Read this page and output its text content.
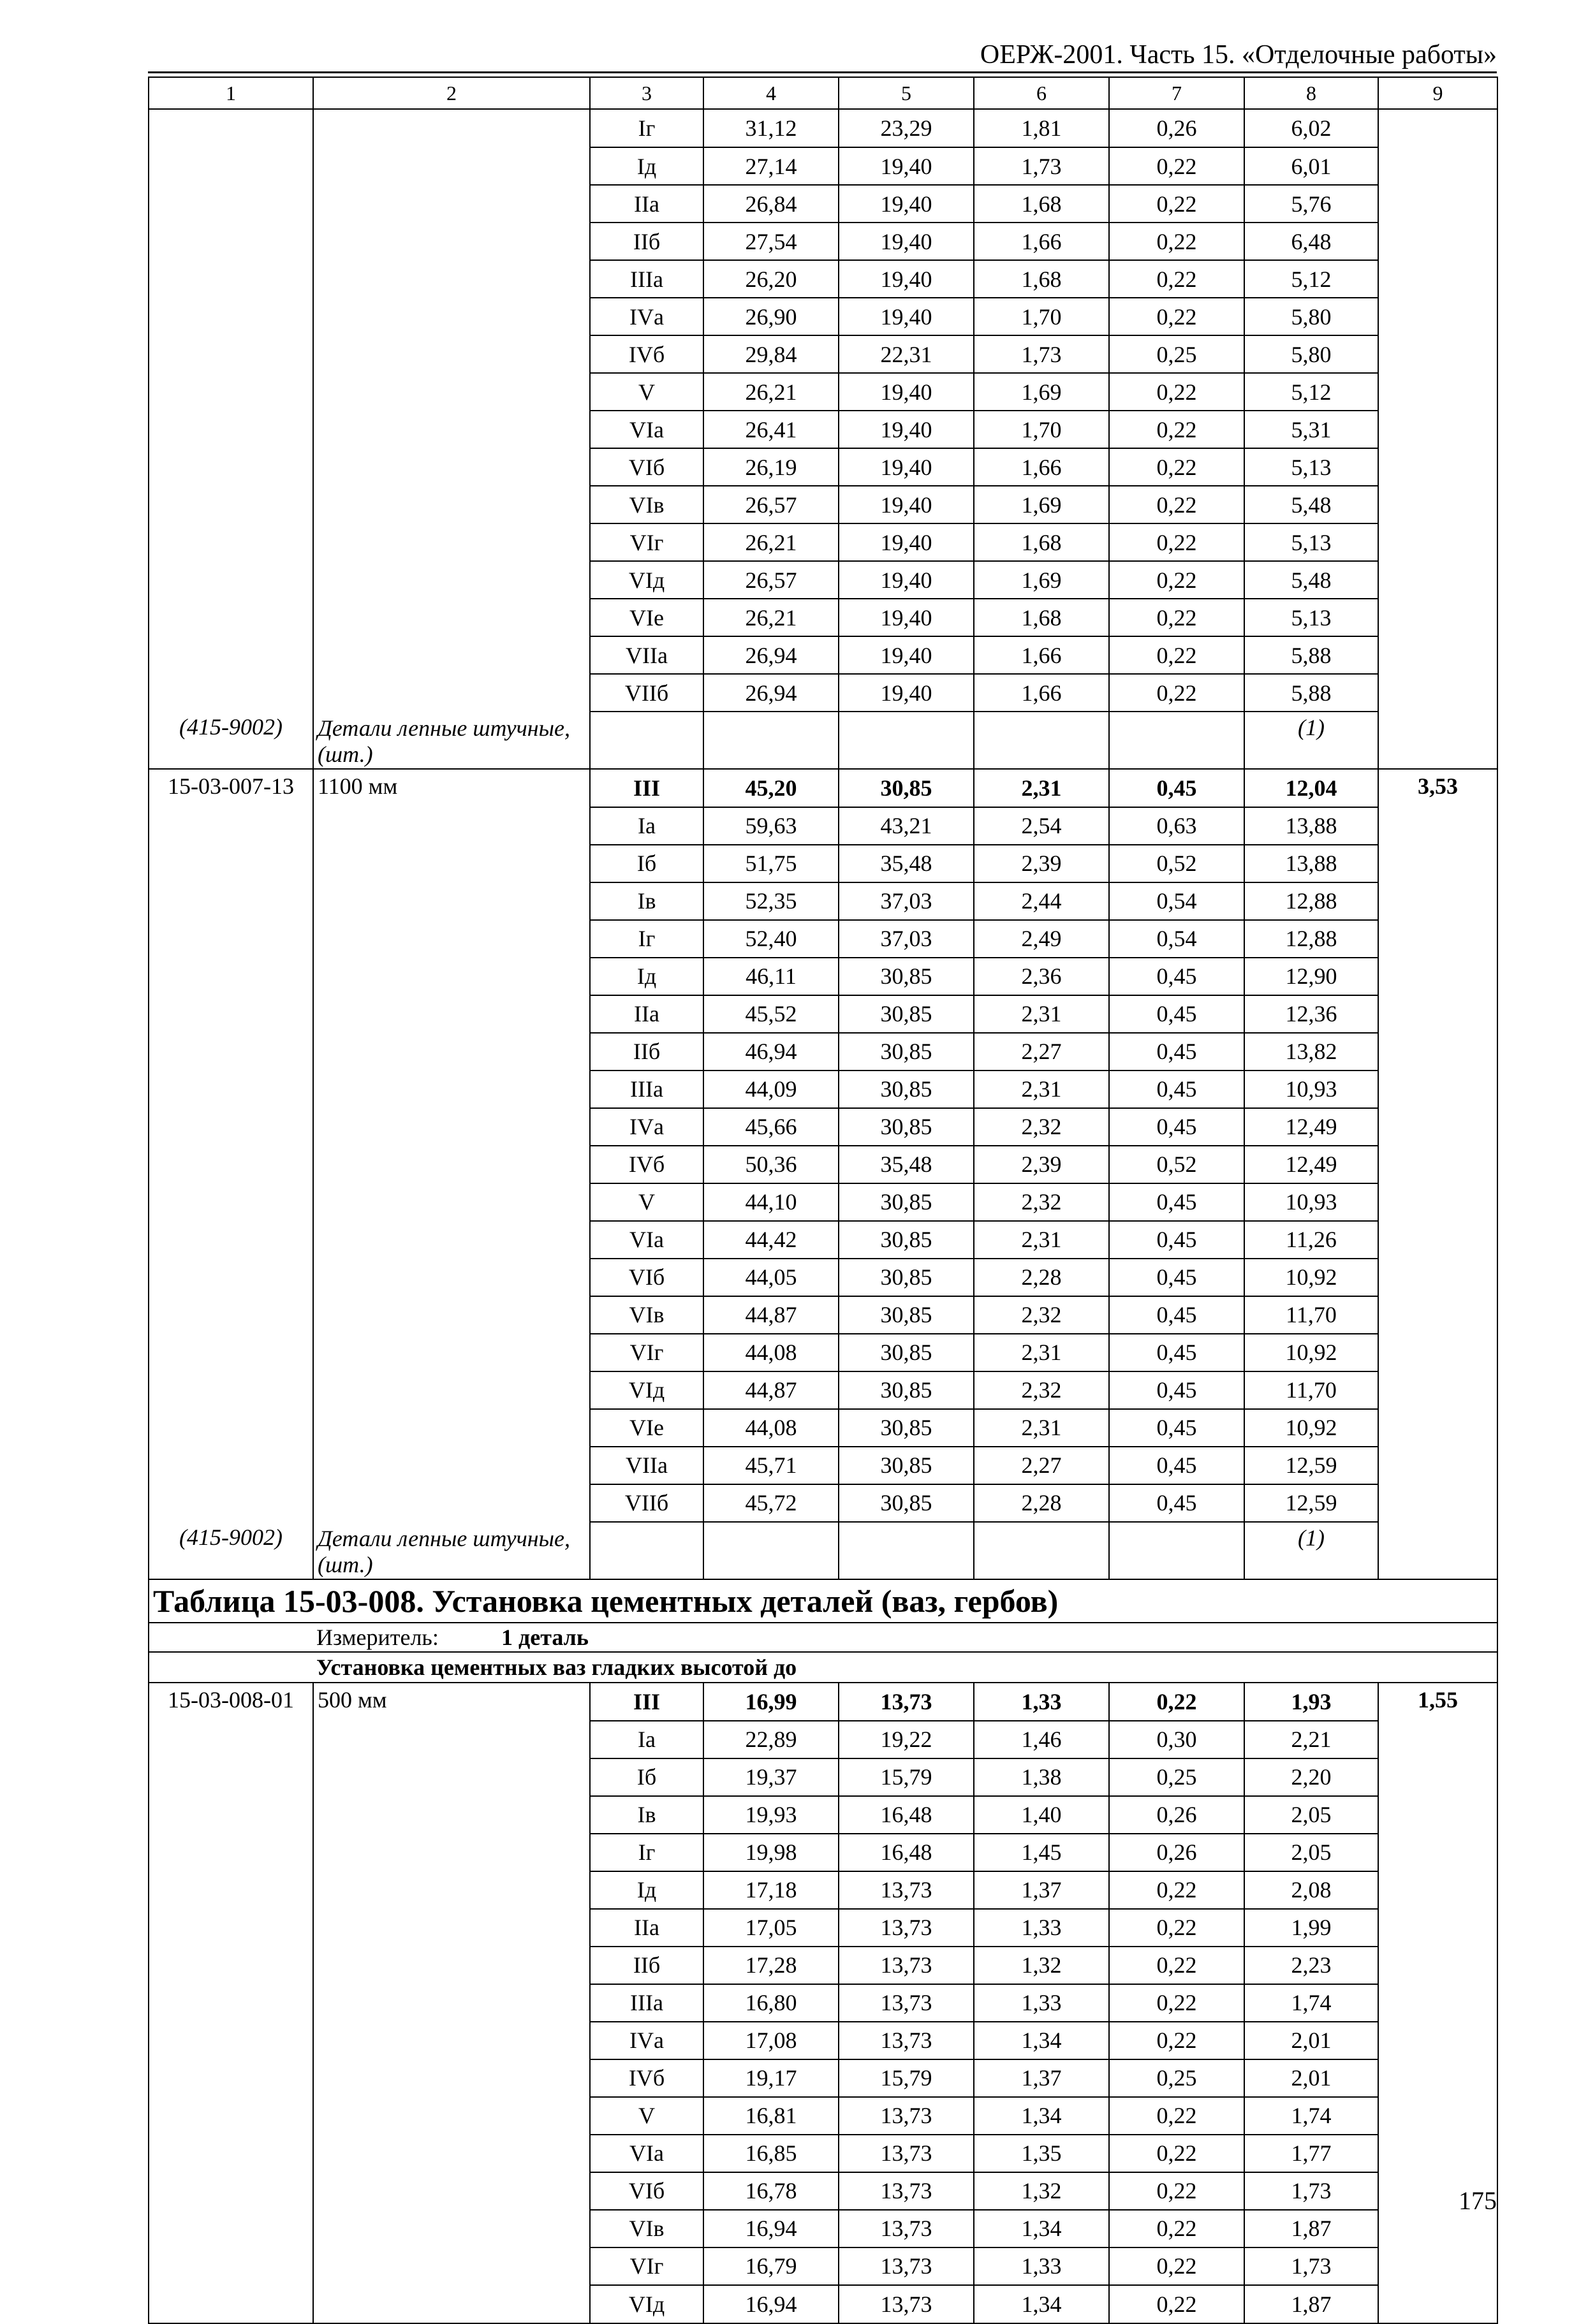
ОЕРЖ-2001. Часть 15. «Отделочные работы»
1	2	3	4	5	6	7	8	9
		Iг	31,12	23,29	1,81	0,26	6,02	
		Iд	27,14	19,40	1,73	0,22	6,01	
		IIа	26,84	19,40	1,68	0,22	5,76	
		IIб	27,54	19,40	1,66	0,22	6,48	
		IIIа	26,20	19,40	1,68	0,22	5,12	
		IVа	26,90	19,40	1,70	0,22	5,80	
		IVб	29,84	22,31	1,73	0,25	5,80	
		V	26,21	19,40	1,69	0,22	5,12	
		VIа	26,41	19,40	1,70	0,22	5,31	
		VIб	26,19	19,40	1,66	0,22	5,13	
		VIв	26,57	19,40	1,69	0,22	5,48	
		VIг	26,21	19,40	1,68	0,22	5,13	
		VIд	26,57	19,40	1,69	0,22	5,48	
		VIе	26,21	19,40	1,68	0,22	5,13	
		VIIа	26,94	19,40	1,66	0,22	5,88	
		VIIб	26,94	19,40	1,66	0,22	5,88	
(415-9002)	Детали лепные штучные, (шт.)						(1)	
15-03-007-13	1100 мм	III	45,20	30,85	2,31	0,45	12,04	3,53
		Iа	59,63	43,21	2,54	0,63	13,88	
		Iб	51,75	35,48	2,39	0,52	13,88	
		Iв	52,35	37,03	2,44	0,54	12,88	
		Iг	52,40	37,03	2,49	0,54	12,88	
		Iд	46,11	30,85	2,36	0,45	12,90	
		IIа	45,52	30,85	2,31	0,45	12,36	
		IIб	46,94	30,85	2,27	0,45	13,82	
		IIIа	44,09	30,85	2,31	0,45	10,93	
		IVа	45,66	30,85	2,32	0,45	12,49	
		IVб	50,36	35,48	2,39	0,52	12,49	
		V	44,10	30,85	2,32	0,45	10,93	
		VIа	44,42	30,85	2,31	0,45	11,26	
		VIб	44,05	30,85	2,28	0,45	10,92	
		VIв	44,87	30,85	2,32	0,45	11,70	
		VIг	44,08	30,85	2,31	0,45	10,92	
		VIд	44,87	30,85	2,32	0,45	11,70	
		VIе	44,08	30,85	2,31	0,45	10,92	
		VIIа	45,71	30,85	2,27	0,45	12,59	
		VIIб	45,72	30,85	2,28	0,45	12,59	
(415-9002)	Детали лепные штучные, (шт.)						(1)	
Таблица 15-03-008. Установка цементных деталей (ваз, гербов)								
Измеритель: 1 деталь								
Установка цементных ваз гладких высотой до								
15-03-008-01	500 мм	III	16,99	13,73	1,33	0,22	1,93	1,55
		Iа	22,89	19,22	1,46	0,30	2,21	
		Iб	19,37	15,79	1,38	0,25	2,20	
		Iв	19,93	16,48	1,40	0,26	2,05	
		Iг	19,98	16,48	1,45	0,26	2,05	
		Iд	17,18	13,73	1,37	0,22	2,08	
		IIа	17,05	13,73	1,33	0,22	1,99	
		IIб	17,28	13,73	1,32	0,22	2,23	
		IIIа	16,80	13,73	1,33	0,22	1,74	
		IVа	17,08	13,73	1,34	0,22	2,01	
		IVб	19,17	15,79	1,37	0,25	2,01	
		V	16,81	13,73	1,34	0,22	1,74	
		VIа	16,85	13,73	1,35	0,22	1,77	
		VIб	16,78	13,73	1,32	0,22	1,73	
		VIв	16,94	13,73	1,34	0,22	1,87	
		VIг	16,79	13,73	1,33	0,22	1,73	
		VIд	16,94	13,73	1,34	0,22	1,87	
175
